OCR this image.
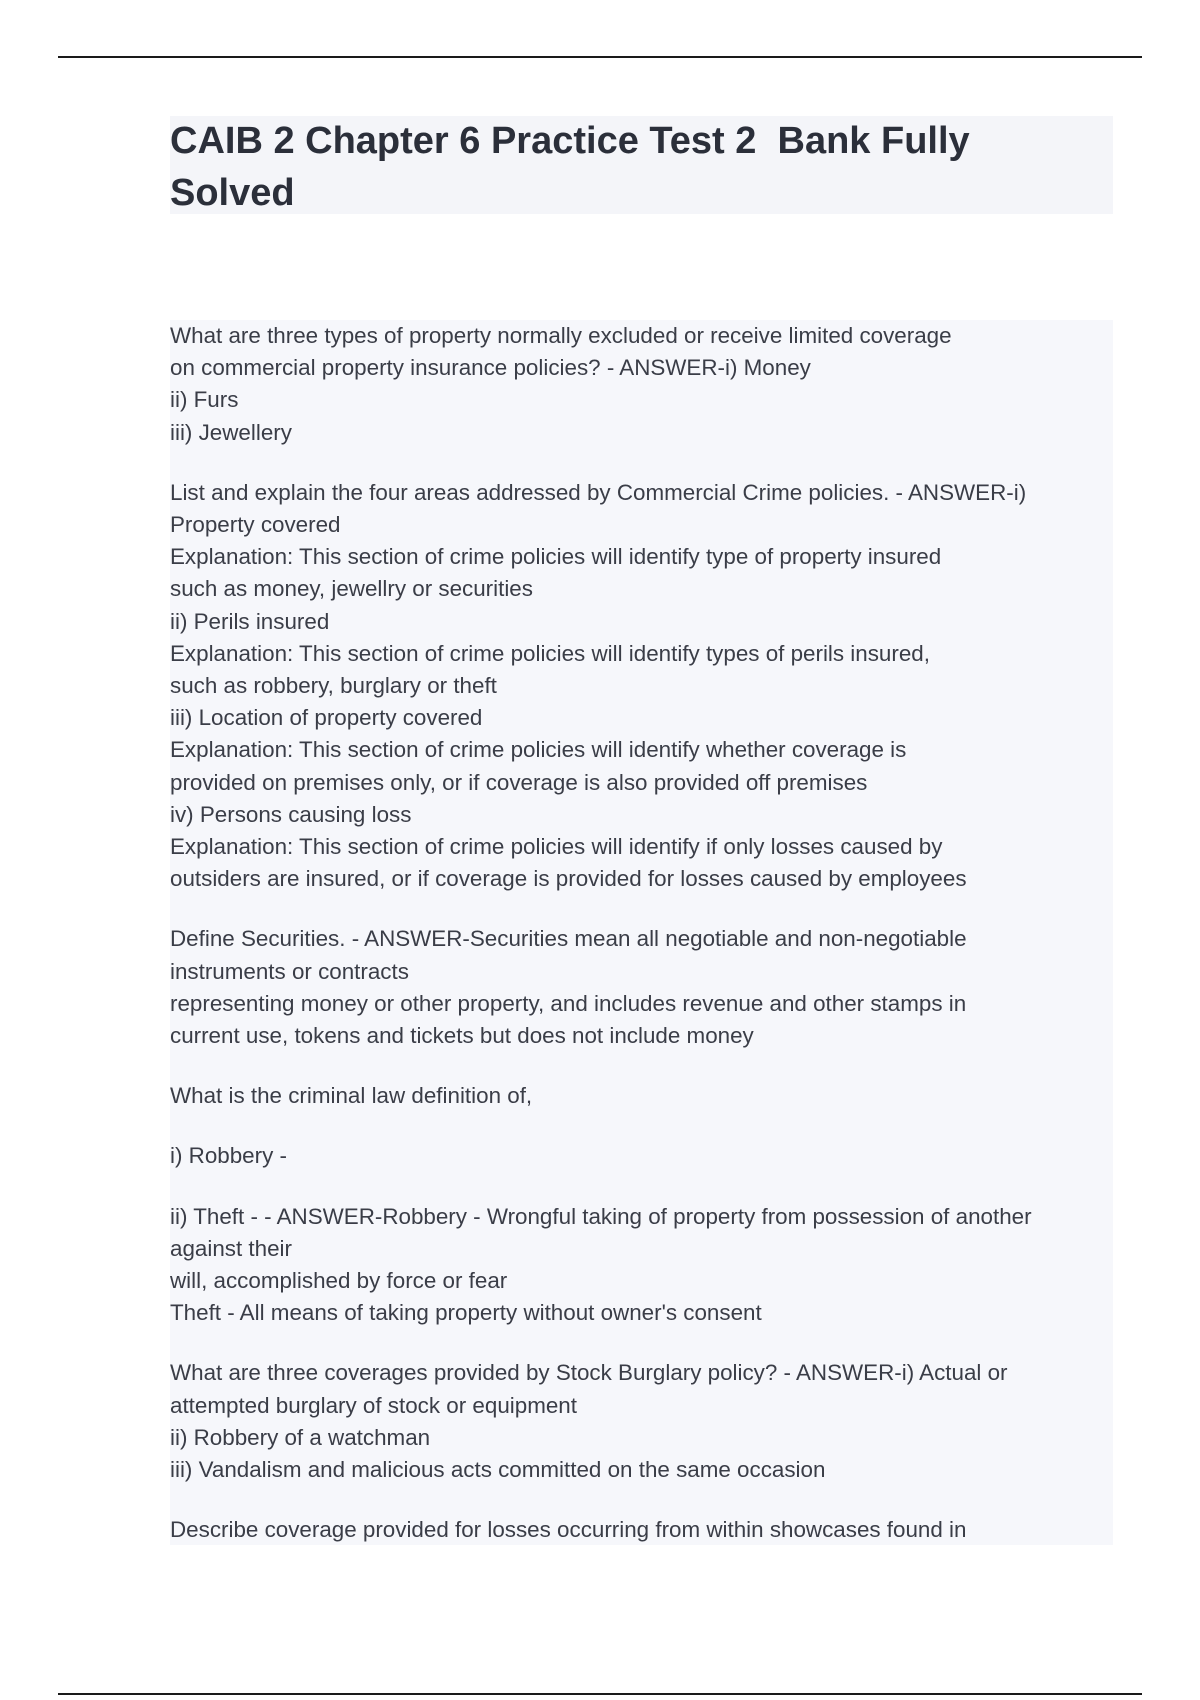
CAIB 2 Chapter 6 Practice Test 2  Bank Fully
Solved
What are three types of property normally excluded or receive limited coverage
on commercial property insurance policies? - ANSWER-i) Money
ii) Furs
iii) Jewellery
List and explain the four areas addressed by Commercial Crime policies. - ANSWER-i)
Property covered
Explanation: This section of crime policies will identify type of property insured
such as money, jewellry or securities
ii) Perils insured
Explanation: This section of crime policies will identify types of perils insured,
such as robbery, burglary or theft
iii) Location of property covered
Explanation: This section of crime policies will identify whether coverage is
provided on premises only, or if coverage is also provided off premises
iv) Persons causing loss
Explanation: This section of crime policies will identify if only losses caused by
outsiders are insured, or if coverage is provided for losses caused by employees
Define Securities. - ANSWER-Securities mean all negotiable and non-negotiable
instruments or contracts
representing money or other property, and includes revenue and other stamps in
current use, tokens and tickets but does not include money
What is the criminal law definition of,
i) Robbery -
ii) Theft - - ANSWER-Robbery - Wrongful taking of property from possession of another
against their
will, accomplished by force or fear
Theft - All means of taking property without owner's consent
What are three coverages provided by Stock Burglary policy? - ANSWER-i) Actual or
attempted burglary of stock or equipment
ii) Robbery of a watchman
iii) Vandalism and malicious acts committed on the same occasion
Describe coverage provided for losses occurring from within showcases found in
